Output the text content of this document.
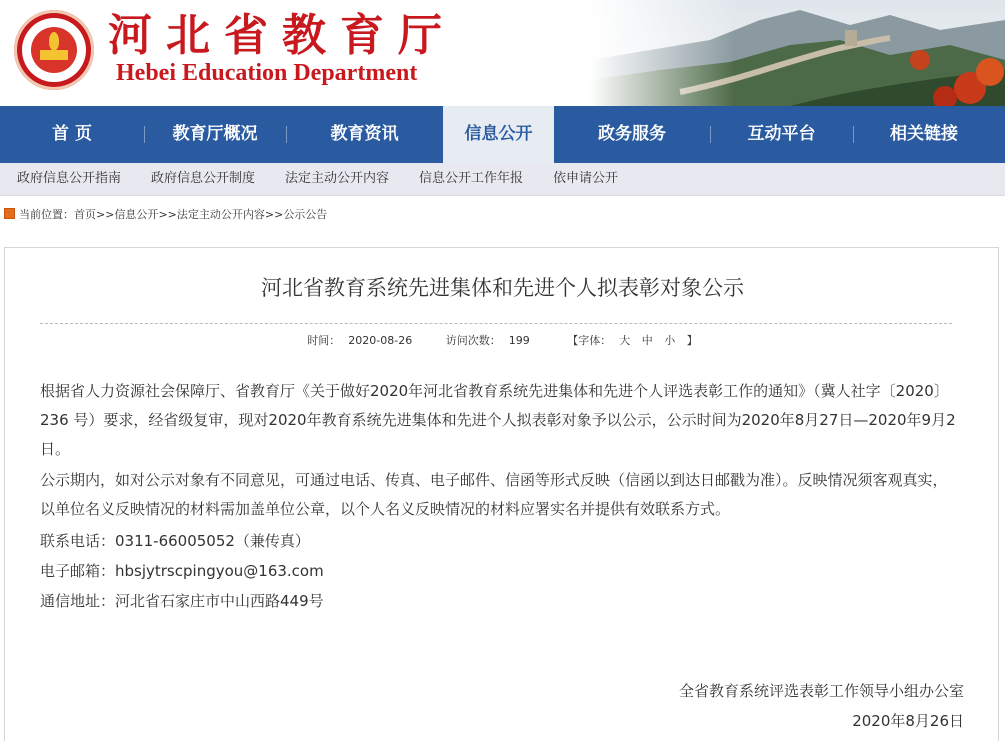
河北省教育厅
Hebei Education Department
首 页	教育厅概况	教育资讯	信息公开	政务服务	互动平台	相关链接
政府信息公开指南 政府信息公开制度 法定主动公开内容 信息公开工作年报 依申请公开
当前位置：首页>>信息公开>>法定主动公开内容>>公示公告
河北省教育系统先进集体和先进个人拟表彰对象公示
时间： 2020-08-26	访问次数： 199	【字体： 大 中 小 】
根据省人力资源社会保障厅、省教育厅《关于做好2020年河北省教育系统先进集体和先进个人评选表彰工作的通知》（冀人社字〔2020〕236 号）要求，经省级复审，现对2020年教育系统先进集体和先进个人拟表彰对象予以公示，公示时间为2020年8月27日—2020年9月2日。
公示期内，如对公示对象有不同意见，可通过电话、传真、电子邮件、信函等形式反映（信函以到达日邮戳为准）。反映情况须客观真实，以单位名义反映情况的材料需加盖单位公章，以个人名义反映情况的材料应署实名并提供有效联系方式。
联系电话：0311-66005052（兼传真）
电子邮箱：hbsjytrscpingyou@163.com
通信地址：河北省石家庄市中山西路449号
全省教育系统评选表彰工作领导小组办公室
2020年8月26日
